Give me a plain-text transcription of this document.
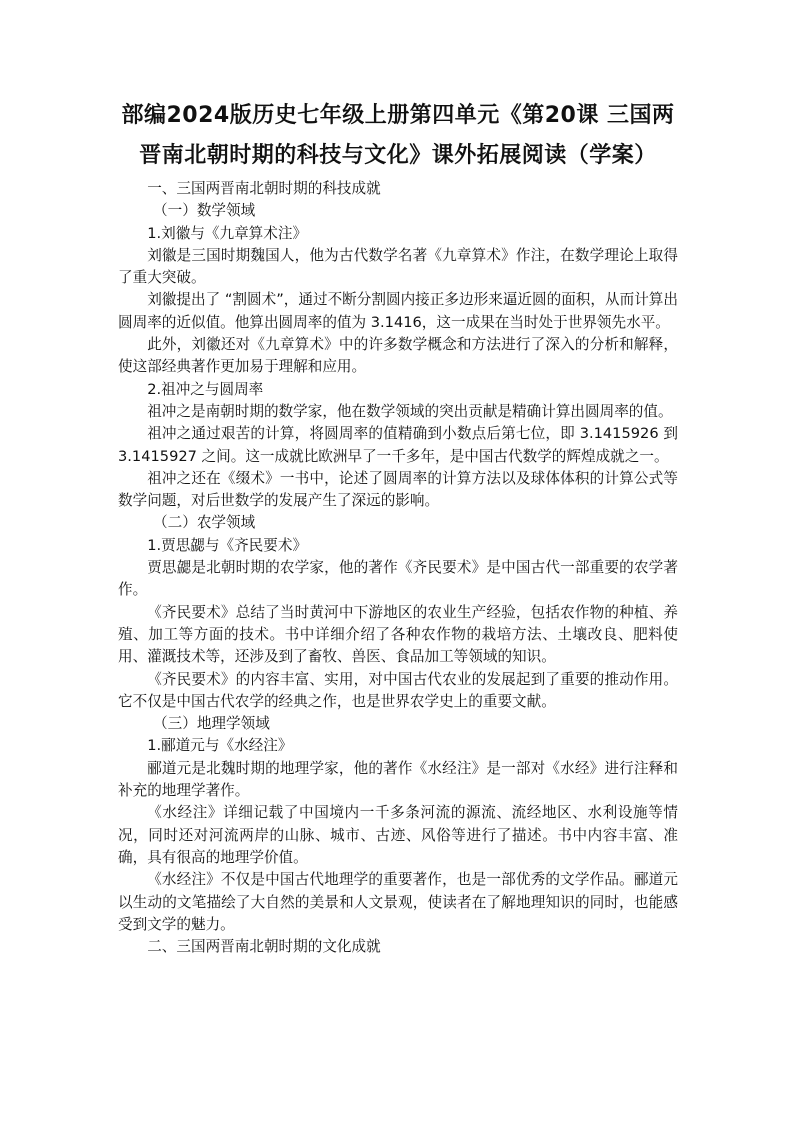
部编2024版历史七年级上册第四单元《第20课 三国两晋南北朝时期的科技与文化》课外拓展阅读（学案）

一、三国两晋南北朝时期的科技成就

（一）数学领域

1.刘徽与《九章算术注》

刘徽是三国时期魏国人，他为古代数学名著《九章算术》作注，在数学理论上取得了重大突破。

刘徽提出了 “割圆术”，通过不断分割圆内接正多边形来逼近圆的面积，从而计算出圆周率的近似值。他算出圆周率的值为 3.1416，这一成果在当时处于世界领先水平。

此外，刘徽还对《九章算术》中的许多数学概念和方法进行了深入的分析和解释，使这部经典著作更加易于理解和应用。

2.祖冲之与圆周率

祖冲之是南朝时期的数学家，他在数学领域的突出贡献是精确计算出圆周率的值。

祖冲之通过艰苦的计算，将圆周率的值精确到小数点后第七位，即 3.1415926 到 3.1415927 之间。这一成就比欧洲早了一千多年，是中国古代数学的辉煌成就之一。

祖冲之还在《缀术》一书中，论述了圆周率的计算方法以及球体体积的计算公式等数学问题，对后世数学的发展产生了深远的影响。

（二）农学领域

1.贾思勰与《齐民要术》

贾思勰是北朝时期的农学家，他的著作《齐民要术》是中国古代一部重要的农学著作。

《齐民要术》总结了当时黄河中下游地区的农业生产经验，包括农作物的种植、养殖、加工等方面的技术。书中详细介绍了各种农作物的栽培方法、土壤改良、肥料使用、灌溉技术等，还涉及到了畜牧、兽医、食品加工等领域的知识。

《齐民要术》的内容丰富、实用，对中国古代农业的发展起到了重要的推动作用。它不仅是中国古代农学的经典之作，也是世界农学史上的重要文献。

（三）地理学领域

1.郦道元与《水经注》

郦道元是北魏时期的地理学家，他的著作《水经注》是一部对《水经》进行注释和补充的地理学著作。

《水经注》详细记载了中国境内一千多条河流的源流、流经地区、水利设施等情况，同时还对河流两岸的山脉、城市、古迹、风俗等进行了描述。书中内容丰富、准确，具有很高的地理学价值。

《水经注》不仅是中国古代地理学的重要著作，也是一部优秀的文学作品。郦道元以生动的文笔描绘了大自然的美景和人文景观，使读者在了解地理知识的同时，也能感受到文学的魅力。

二、三国两晋南北朝时期的文化成就
